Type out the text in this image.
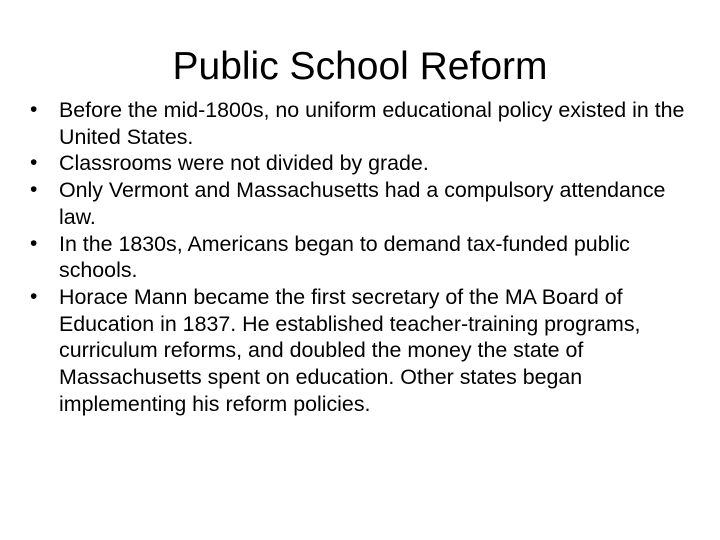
Public School Reform
•	Before the mid-1800s, no uniform educational policy existed in the United States.
•	Classrooms were not divided by grade.
•	Only Vermont and Massachusetts had a compulsory attendance law.
•	In the 1830s, Americans began to demand tax-funded public schools.
•	Horace Mann became the first secretary of the MA Board of Education in 1837. He established teacher-training programs, curriculum reforms, and doubled the money the state of Massachusetts spent on education. Other states began implementing his reform policies.
